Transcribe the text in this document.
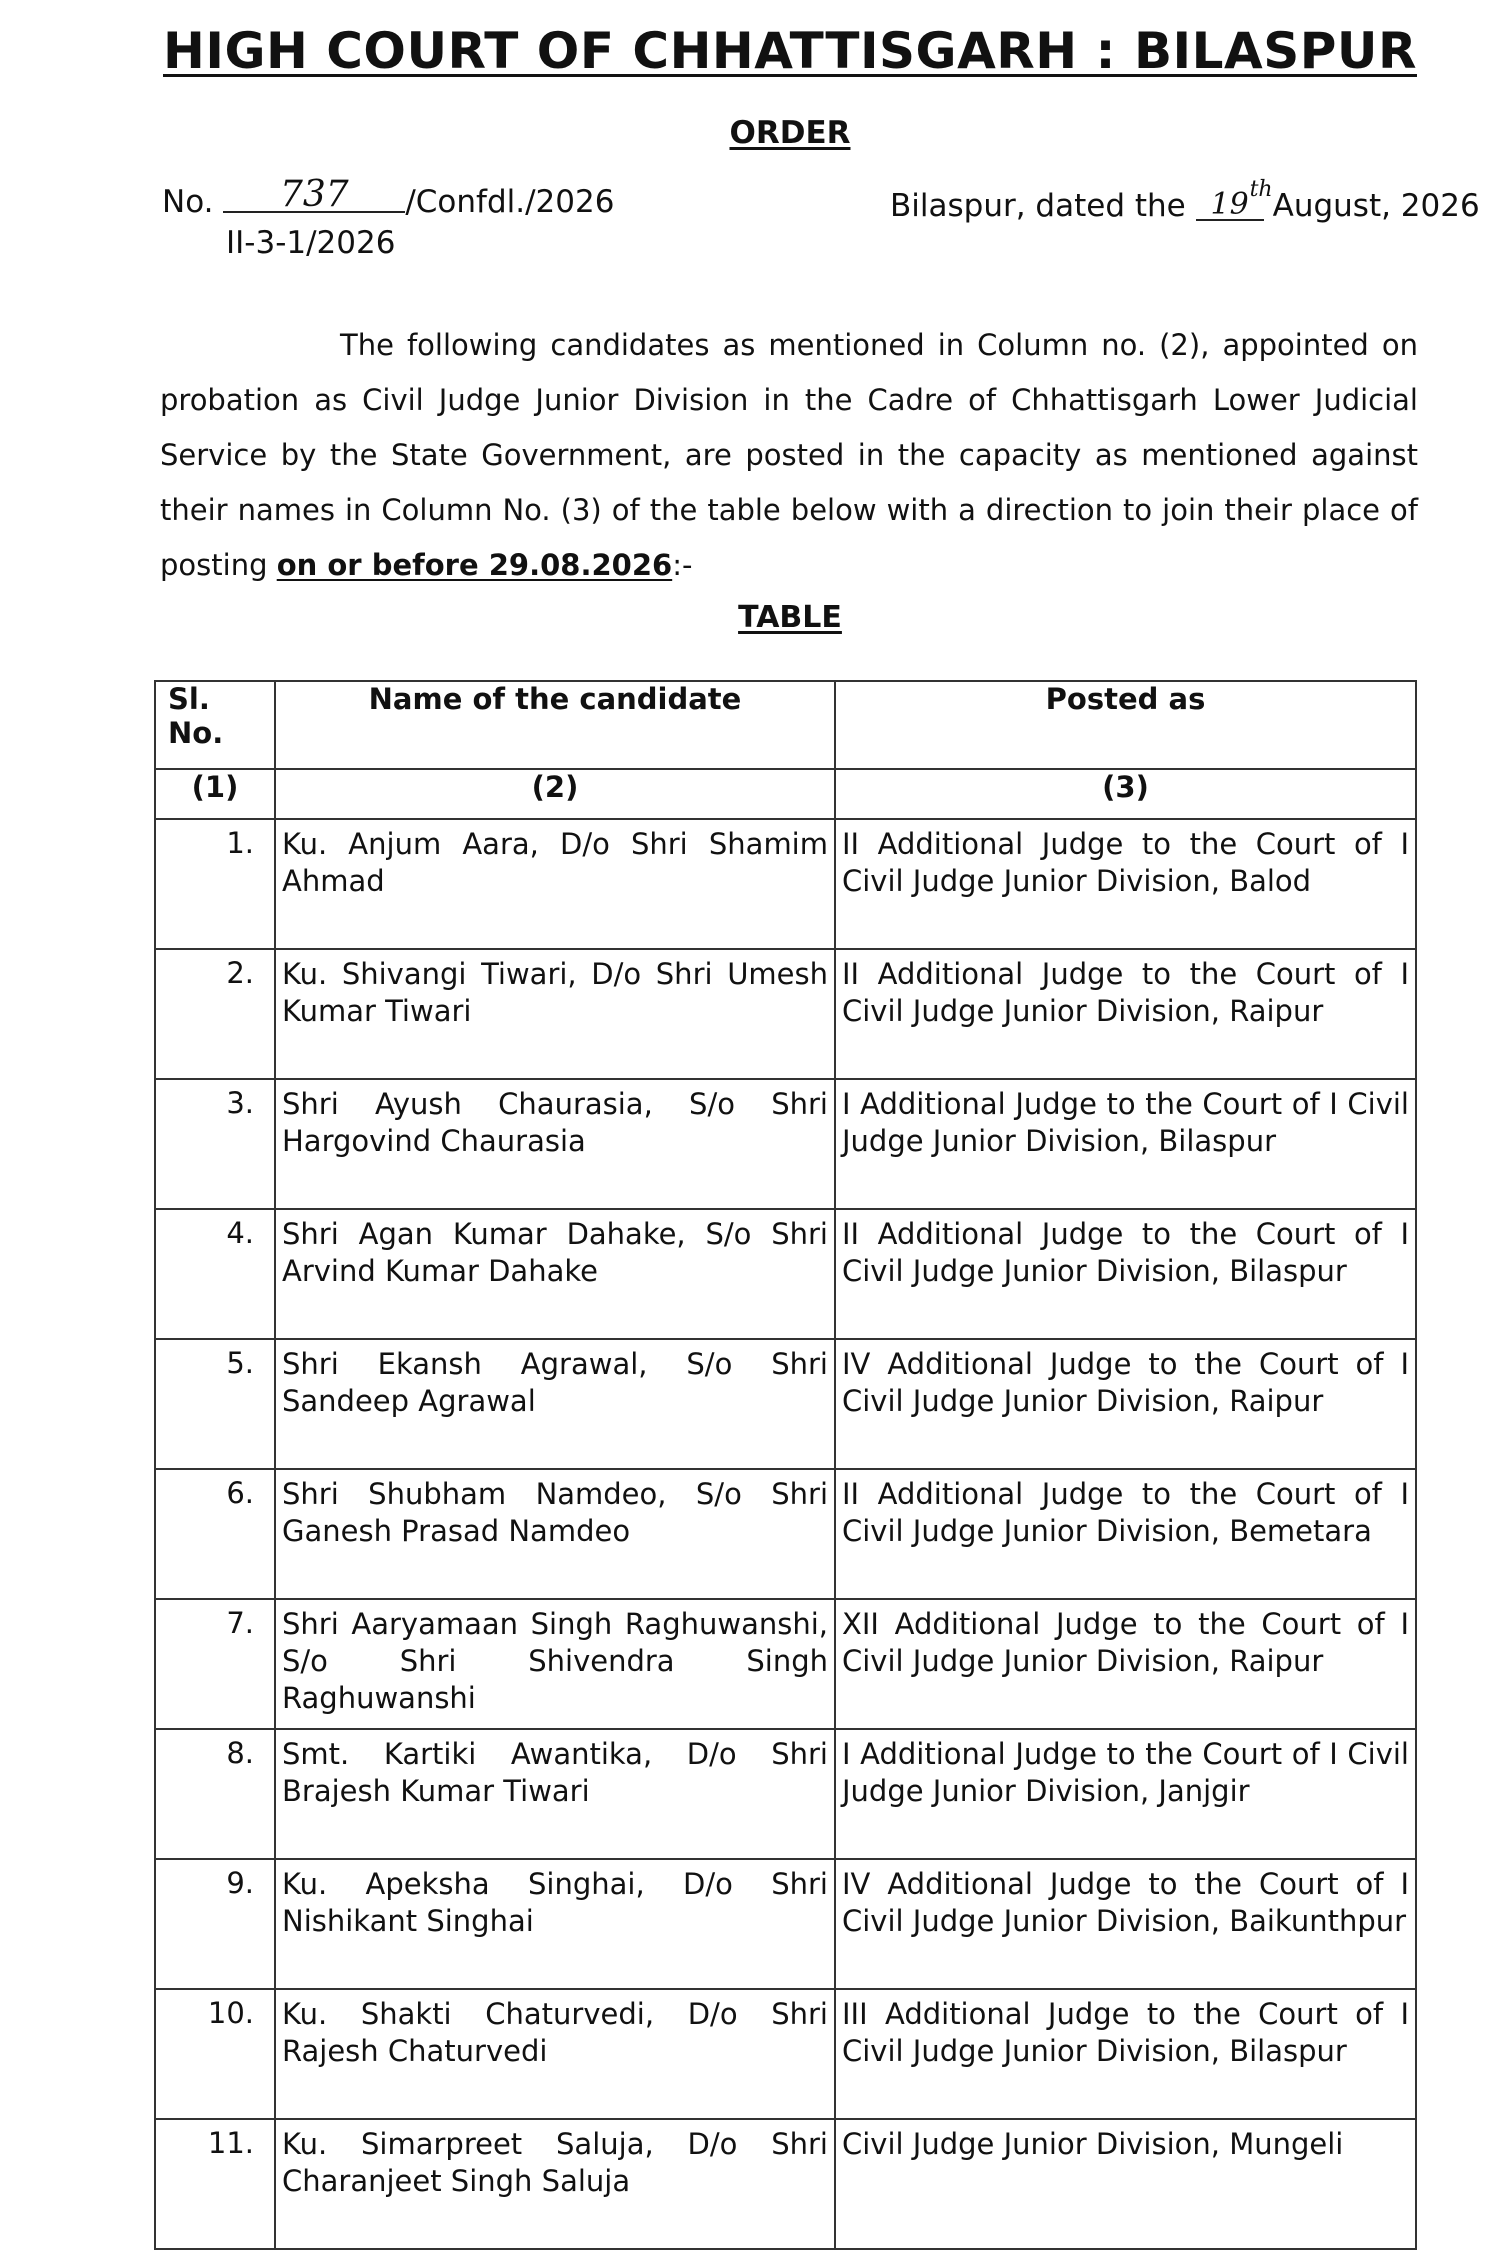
HIGH COURT OF CHHATTISGARH : BILASPUR
ORDER
No. 737 /Confdl./2026
II-3-1/2026
Bilaspur, dated the 19thAugust, 2026
The following candidates as mentioned in Column no. (2), appointed on probation as Civil Judge Junior Division in the Cadre of Chhattisgarh Lower Judicial Service by the State Government, are posted in the capacity as mentioned against their names in Column No. (3) of the table below with a direction to join their place of posting on or before 29.08.2026:-
TABLE
Sl. No.	Name of the candidate	Posted as
(1)	(2)	(3)
1.	Ku. Anjum Aara, D/o Shri Shamim Ahmad	II Additional Judge to the Court of I Civil Judge Junior Division, Balod
2.	Ku. Shivangi Tiwari, D/o Shri Umesh Kumar Tiwari	II Additional Judge to the Court of I Civil Judge Junior Division, Raipur
3.	Shri Ayush Chaurasia, S/o Shri Hargovind Chaurasia	I Additional Judge to the Court of I Civil Judge Junior Division, Bilaspur
4.	Shri Agan Kumar Dahake, S/o Shri Arvind Kumar Dahake	II Additional Judge to the Court of I Civil Judge Junior Division, Bilaspur
5.	Shri Ekansh Agrawal, S/o Shri Sandeep Agrawal	IV Additional Judge to the Court of I Civil Judge Junior Division, Raipur
6.	Shri Shubham Namdeo, S/o Shri Ganesh Prasad Namdeo	II Additional Judge to the Court of I Civil Judge Junior Division, Bemetara
7.	Shri Aaryamaan Singh Raghuwanshi, S/o Shri Shivendra Singh Raghuwanshi	XII Additional Judge to the Court of I Civil Judge Junior Division, Raipur
8.	Smt. Kartiki Awantika, D/o Shri Brajesh Kumar Tiwari	I Additional Judge to the Court of I Civil Judge Junior Division, Janjgir
9.	Ku. Apeksha Singhai, D/o Shri Nishikant Singhai	IV Additional Judge to the Court of I Civil Judge Junior Division, Baikunthpur
10.	Ku. Shakti Chaturvedi, D/o Shri Rajesh Chaturvedi	III Additional Judge to the Court of I Civil Judge Junior Division, Bilaspur
11.	Ku. Simarpreet Saluja, D/o Shri Charanjeet Singh Saluja	Civil Judge Junior Division, Mungeli
